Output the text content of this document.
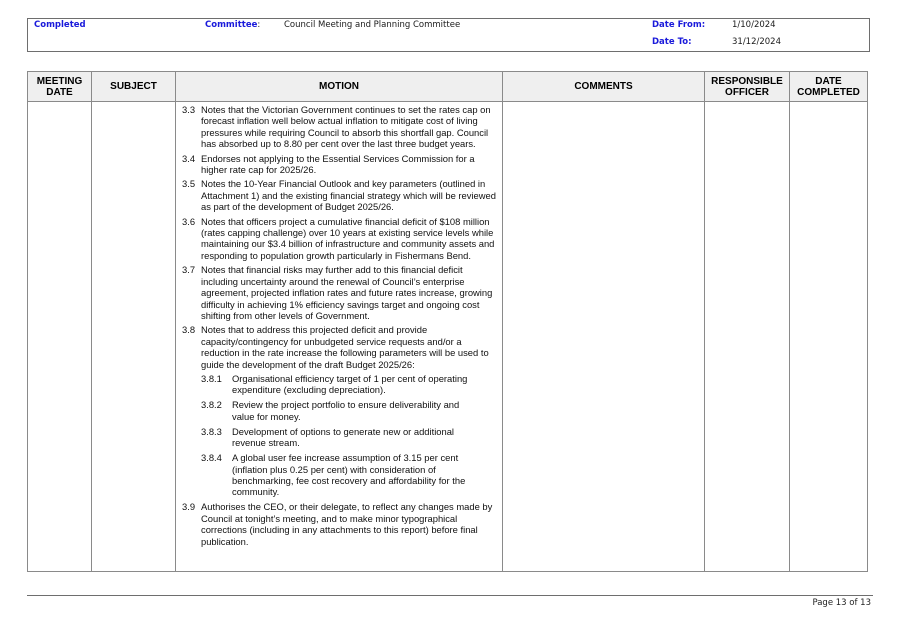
Completed	Committee:	Council Meeting and Planning Committee	Date From:	1/10/2024
Date To:	31/12/2024
MEETING DATE	SUBJECT	MOTION	COMMENTS	RESPONSIBLE OFFICER	DATE COMPLETED

3.3 Notes that the Victorian Government continues to set the rates cap on forecast inflation well below actual inflation to mitigate cost of living pressures while requiring Council to absorb this shortfall gap. Council has absorbed up to 8.80 per cent over the last three budget years.
3.4 Endorses not applying to the Essential Services Commission for a higher rate cap for 2025/26.
3.5 Notes the 10-Year Financial Outlook and key parameters (outlined in Attachment 1) and the existing financial strategy which will be reviewed as part of the development of Budget 2025/26.
3.6 Notes that officers project a cumulative financial deficit of $108 million (rates capping challenge) over 10 years at existing service levels while maintaining our $3.4 billion of infrastructure and community assets and responding to population growth particularly in Fishermans Bend.
3.7 Notes that financial risks may further add to this financial deficit including uncertainty around the renewal of Council’s enterprise agreement, projected inflation rates and future rates increase, growing difficulty in achieving 1% efficiency savings target and ongoing cost shifting from other levels of Government.
3.8 Notes that to address this projected deficit and provide capacity/contingency for unbudgeted service requests and/or a reduction in the rate increase the following parameters will be used to guide the development of the draft Budget 2025/26:
3.8.1	Organisational efficiency target of 1 per cent of operating expenditure (excluding depreciation).
3.8.2	Review the project portfolio to ensure deliverability and value for money.
3.8.3	Development of options to generate new or additional revenue stream.
3.8.4	A global user fee increase assumption of 3.15 per cent (inflation plus 0.25 per cent) with consideration of benchmarking, fee cost recovery and affordability for the community.
3.9 Authorises the CEO, or their delegate, to reflect any changes made by Council at tonight’s meeting, and to make minor typographical corrections (including in any attachments to this report) before final publication.

Page 13 of 13
